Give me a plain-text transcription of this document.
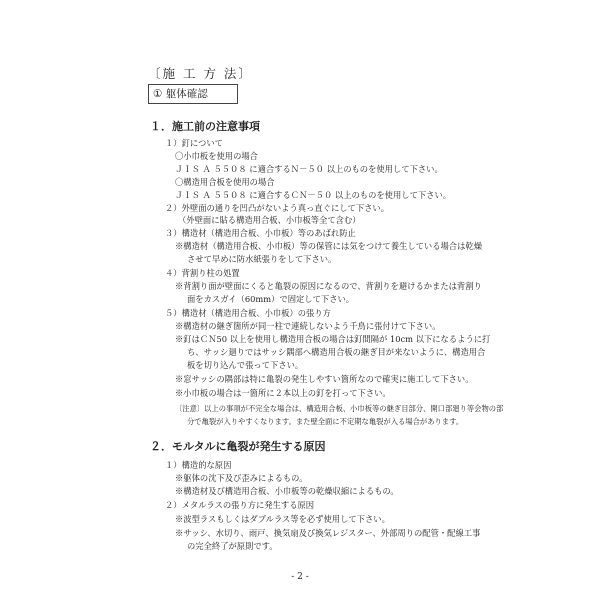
〔施 工 方 法〕
① 躯体確認
１．施工前の注意事項
１）釘について
〇小巾板を使用の場合
ＪＩＳ Ａ ５５０８ に適合するＮ－５０ 以上のものを使用して下さい。
〇構造用合板を使用の場合
ＪＩＳ Ａ ５５０８ に適合するＣＮ－５０ 以上のものを使用して下さい。
２）外壁面の通りを凹凸がないよう真っ直ぐにして下さい。
（外壁面に貼る構造用合板、小巾板等全て含む）
３）構造材（構造用合板、小巾板）等のあばれ防止
※構造材（構造用合板、小巾板）等の保管には気をつけて養生している場合は乾燥
させて早めに防水紙張りをして下さい。
４）背割り柱の処置
※背割り面が壁面にくると亀裂の原因になるので、背割りを避けるかまたは背割り
面をカスガイ（60mm）で固定して下さい。
５）構造材（構造用合板、小巾板）の張り方
※構造材の継ぎ箇所が同一柱で連続しないよう千鳥に張付けて下さい。
※釘はＣＮ50 以上を使用し構造用合板の場合は釘間隔が 10cm 以下になるように打
ち、サッシ廻りではサッシ隅部へ構造用合板の継ぎ目が来ないように、構造用合
板を切り込んで張って下さい。
※窓サッシの隅部は特に亀裂の発生しやすい箇所なので確実に施工して下さい。
※小巾板の場合は一箇所に２本以上の釘を打って下さい。
〔注意〕以上の事項が不完全な場合は、構造用合板、小巾板等の継ぎ目部分、開口部廻り等会物の部
分で亀裂が入りやすくなります。また壁全面に不定期な亀裂が入る場合があります。
２．モルタルに亀裂が発生する原因
１）構造的な原因
※躯体の沈下及び歪みによるもの。
※構造材及び構造用合板、小巾板等の乾燥収縮によるもの。
２）メタルラスの張り方に発生する原因
※波型ラスもしくはダブルラス等を必ず使用して下さい。
※サッシ、水切り、雨戸、換気扇及び換気レジスター、外部周りの配管・配線工事
の完全終了が原則です。
- 2 -
